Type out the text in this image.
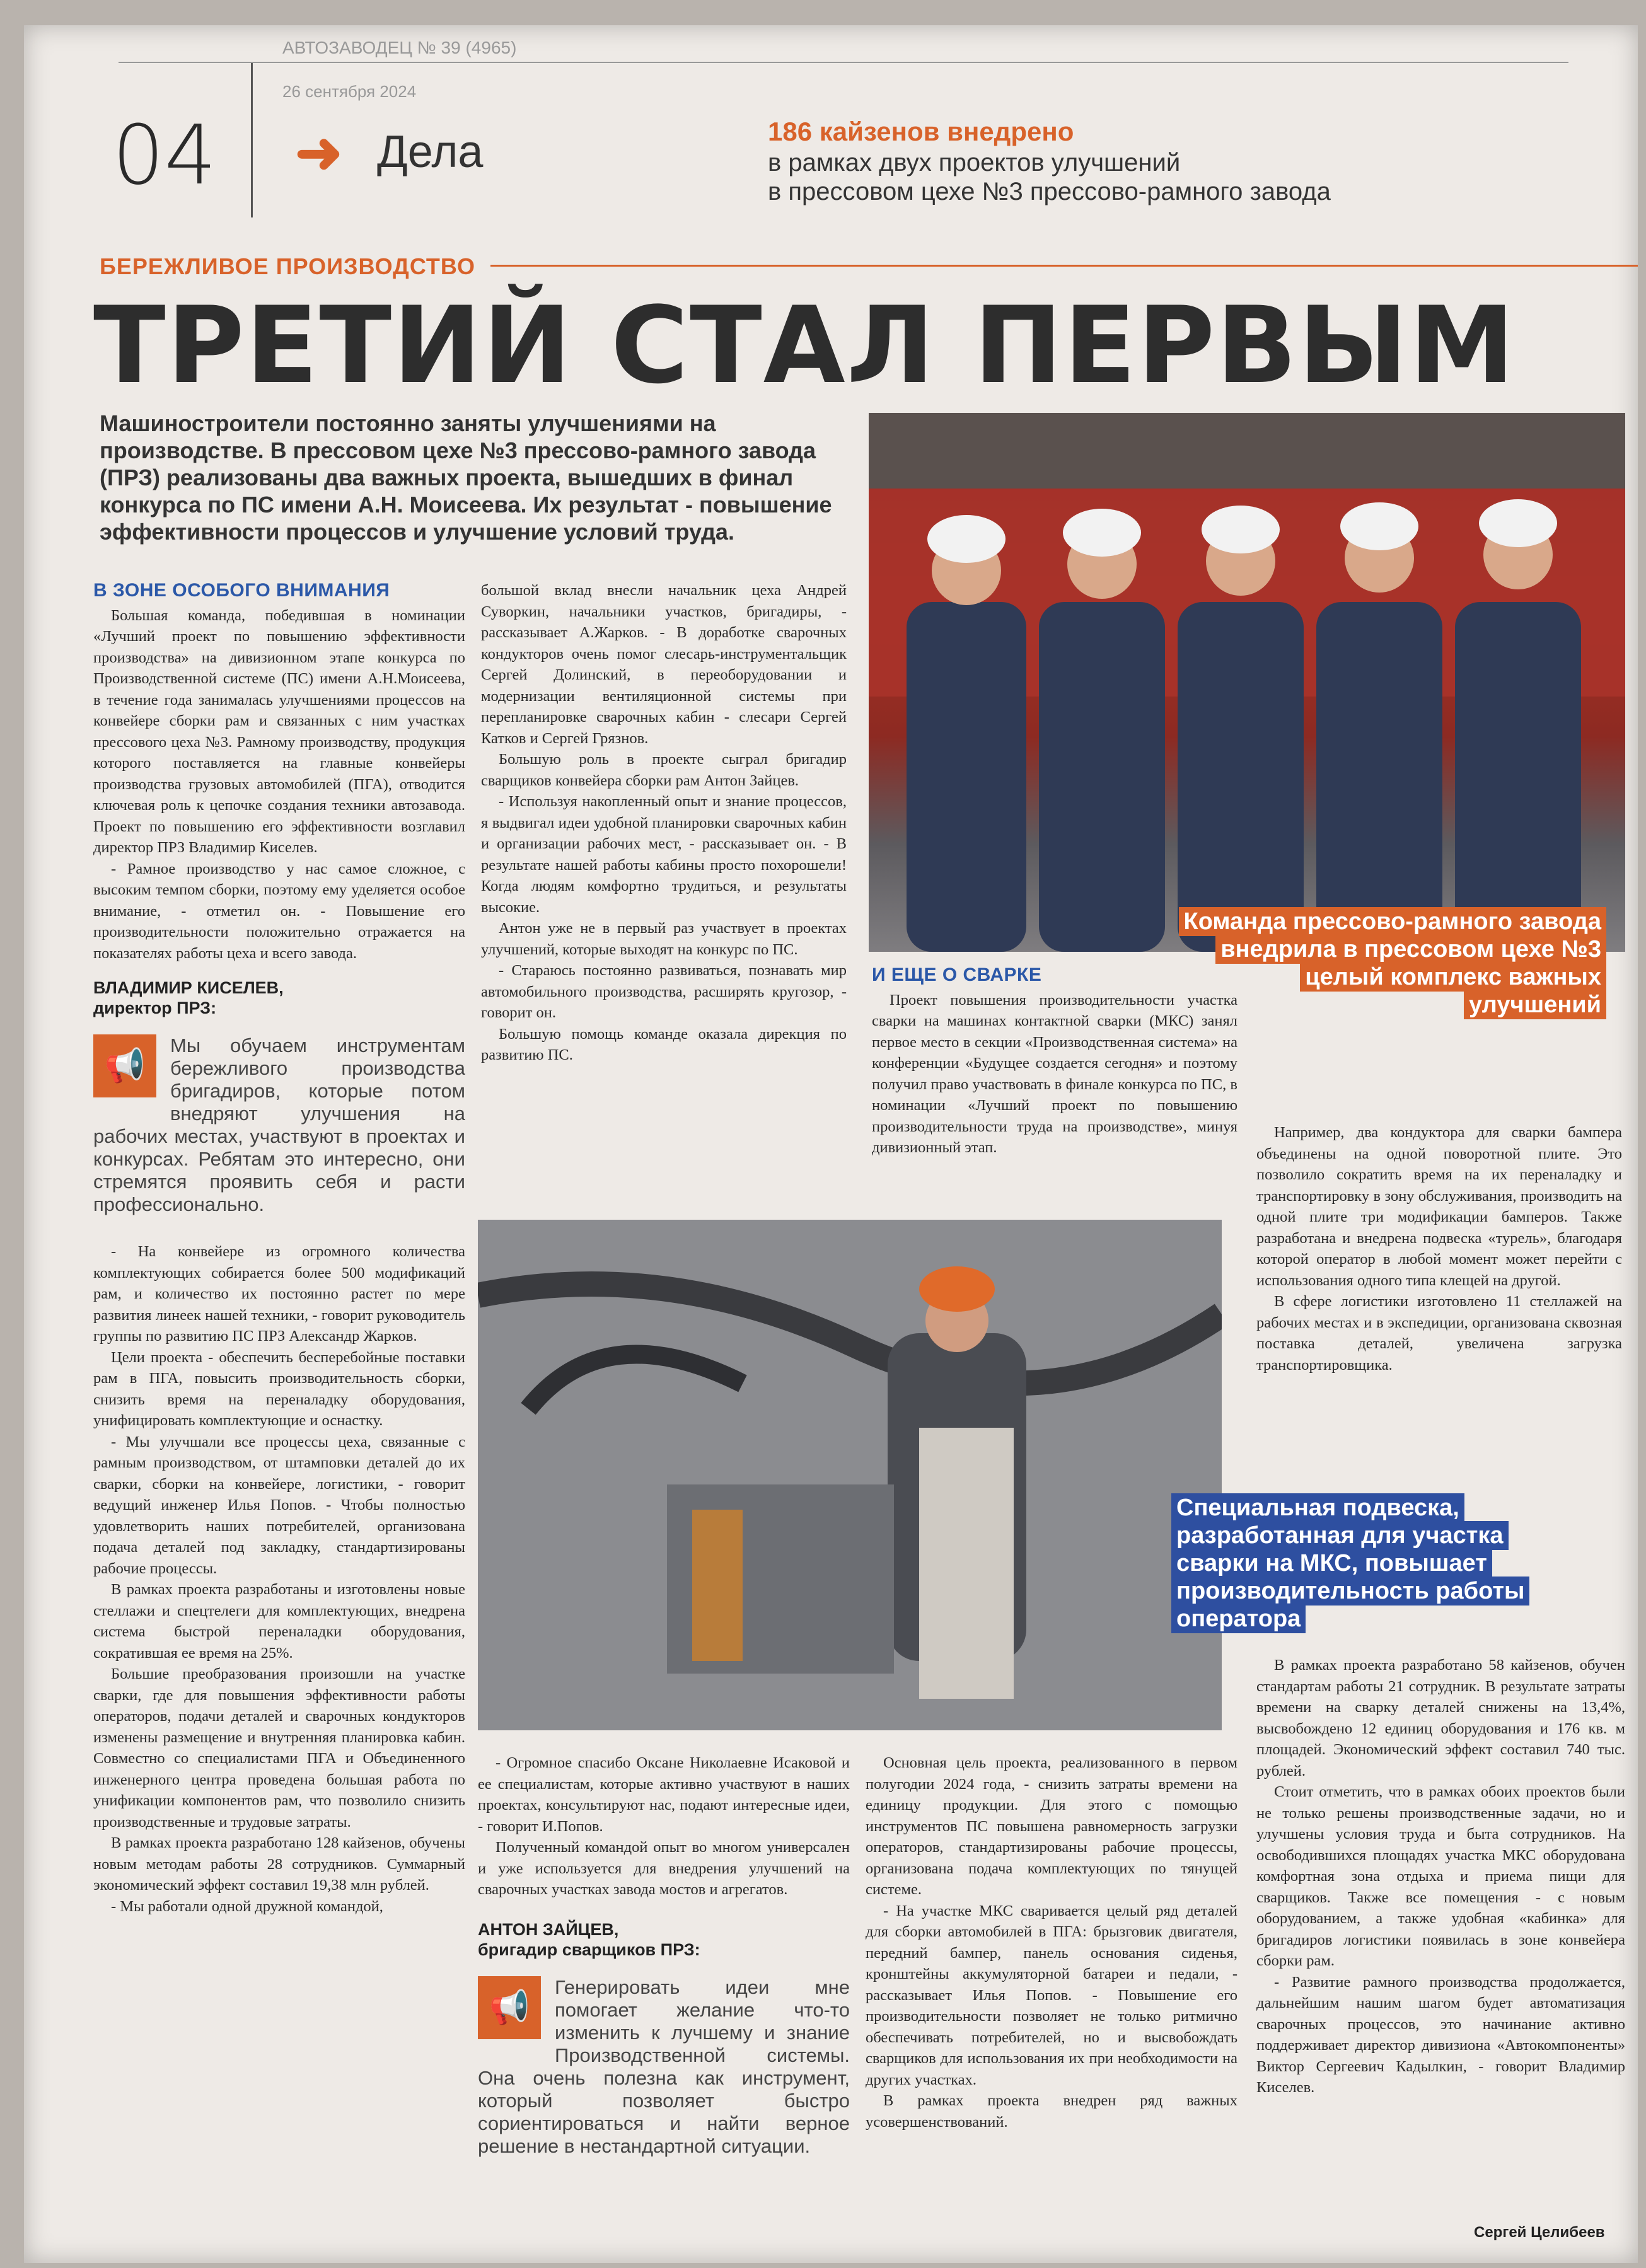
АВТОЗАВОДЕЦ № 39 (4965)
26 сентября 2024
04 ➜ Дела	186 кайзенов внедрено
в рамках двух проектов улучшений
в прессовом цехе №3 прессово-рамного завода
БЕРЕЖЛИВОЕ ПРОИЗВОДСТВО
ТРЕТИЙ СТАЛ ПЕРВЫМ
Машиностроители постоянно заняты улучшениями на производстве. В прессовом цехе №3 прессово-рамного завода (ПРЗ) реализованы два важных проекта, вышедших в финал конкурса по ПС имени А.Н. Моисеева. Их результат - повышение эффективности процессов и улучшение условий труда.
В ЗОНЕ ОСОБОГО ВНИМАНИЯ

Большая команда, победившая в номинации «Лучший проект по повышению эффективности производства» на дивизионном этапе конкурса по Производственной системе (ПС) имени А.Н.Моисеева, в течение года занималась улучшениями процессов на конвейере сборки рам и связанных с ним участках прессового цеха №3. Рамному производству, продукция которого поставляется на главные конвейеры производства грузовых автомобилей (ПГА), отводится ключевая роль к цепочке создания техники автозавода. Проект по повышению его эффективности возглавил директор ПРЗ Владимир Киселев.

- Рамное производство у нас самое сложное, с высоким темпом сборки, поэтому ему уделяется особое внимание, - отметил он. - Повышение его производительности положительно отражается на показателях работы цеха и всего завода.

ВЛАДИМИР КИСЕЛЕВ,
директор ПРЗ:
📢
Мы обучаем инструментам бережливого производства бригадиров, которые потом внедряют улучшения на рабочих местах, участвуют в проектах и конкурсах. Ребятам это интересно, они стремятся проявить себя и расти профессионально.

- На конвейере из огромного количества комплектующих собирается более 500 модификаций рам, и количество их постоянно растет по мере развития линеек нашей техники, - говорит руководитель группы по развитию ПС ПРЗ Александр Жарков.

Цели проекта - обеспечить бесперебойные поставки рам в ПГА, повысить производительность сборки, снизить время на переналадку оборудования, унифицировать комплектующие и оснастку.

- Мы улучшали все процессы цеха, связанные с рамным производством, от штамповки деталей до их сварки, сборки на конвейере, логистики, - говорит ведущий инженер Илья Попов. - Чтобы полностью удовлетворить наших потребителей, организована подача деталей под закладку, стандартизированы рабочие процессы.

В рамках проекта разработаны и изготовлены новые стеллажи и спецтелеги для комплектующих, внедрена система быстрой переналадки оборудования, сократившая ее время на 25%.

Большие преобразования произошли на участке сварки, где для повышения эффективности работы операторов, подачи деталей и сварочных кондукторов изменены размещение и внутренняя планировка кабин. Совместно со специалистами ПГА и Объединенного инженерного центра проведена большая работа по унификации компонентов рам, что позволило снизить производственные и трудовые затраты.

В рамках проекта разработано 128 кайзенов, обучены новым методам работы 28 сотрудников. Суммарный экономический эффект составил 19,38 млн рублей.

- Мы работали одной дружной командой,

большой вклад внесли начальник цеха Андрей Суворкин, начальники участков, бригадиры, - рассказывает А.Жарков. - В доработке сварочных кондукторов очень помог слесарь-инструментальщик Сергей Долинский, в переоборудовании и модернизации вентиляционной системы при перепланировке сварочных кабин - слесари Сергей Катков и Сергей Грязнов.

Большую роль в проекте сыграл бригадир сварщиков конвейера сборки рам Антон Зайцев.

- Используя накопленный опыт и знание процессов, я выдвигал идеи удобной планировки сварочных кабин и организации рабочих мест, - рассказывает он. - В результате нашей работы кабины просто похорошели! Когда людям комфортно трудиться, и результаты высокие.

Антон уже не в первый раз участвует в проектах улучшений, которые выходят на конкурс по ПС.

- Стараюсь постоянно развиваться, познавать мир автомобильного производства, расширять кругозор, - говорит он.

Большую помощь команде оказала дирекция по развитию ПС.

Команда прессово-рамного завода внедрила в прессовом цехе №3 целый комплекс важных улучшений
И ЕЩЕ О СВАРКЕ

Проект повышения производительности участка сварки на машинах контактной сварки (МКС) занял первое место в секции «Производственная система» на конференции «Будущее создается сегодня» и поэтому получил право участвовать в финале конкурса по ПС, в номинации «Лучший проект по повышению производительности труда на производстве», минуя дивизионный этап.

Например, два кондуктора для сварки бампера объединены на одной поворотной плите. Это позволило сократить время на их переналадку и транспортировку в зону обслуживания, производить на одной плите три модификации бамперов. Также разработана и внедрена подвеска «турель», благодаря которой оператор в любой момент может перейти с использования одного типа клещей на другой.

В сфере логистики изготовлено 11 стеллажей на рабочих местах и в экспедиции, организована сквозная поставка деталей, увеличена загрузка транспортировщика.

Специальная подвеска, разработанная для участка сварки на МКС, повышает производительность работы оператора

- Огромное спасибо Оксане Николаевне Исаковой и ее специалистам, которые активно участвуют в наших проектах, консультируют нас, подают интересные идеи, - говорит И.Попов.

Полученный командой опыт во многом универсален и уже используется для внедрения улучшений на сварочных участках завода мостов и агрегатов.

АНТОН ЗАЙЦЕВ,
бригадир сварщиков ПРЗ:
📢
Генерировать идеи мне помогает желание что-то изменить к лучшему и знание Производственной системы. Она очень полезна как инструмент, который позволяет быстро сориентироваться и найти верное решение в нестандартной ситуации.

Основная цель проекта, реализованного в первом полугодии 2024 года, - снизить затраты времени на единицу продукции. Для этого с помощью инструментов ПС повышена равномерность загрузки операторов, стандартизированы рабочие процессы, организована подача комплектующих по тянущей системе.

- На участке МКС сваривается целый ряд деталей для сборки автомобилей в ПГА: брызговик двигателя, передний бампер, панель основания сиденья, кронштейны аккумуляторной батареи и педали, - рассказывает Илья Попов. - Повышение его производительности позволяет не только ритмично обеспечивать потребителей, но и высвобождать сварщиков для использования их при необходимости на других участках.

В рамках проекта внедрен ряд важных усовершенствований.

В рамках проекта разработано 58 кайзенов, обучен стандартам работы 21 сотрудник. В результате затраты времени на сварку деталей снижены на 13,4%, высвобождено 12 единиц оборудования и 176 кв. м площадей. Экономический эффект составил 740 тыс. рублей.

Стоит отметить, что в рамках обоих проектов были не только решены производственные задачи, но и улучшены условия труда и быта сотрудников. На освободившихся площадях участка МКС оборудована комфортная зона отдыха и приема пищи для сварщиков. Также все помещения - с новым оборудованием, а также удобная «кабинка» для бригадиров логистики появилась в зоне конвейера сборки рам.

- Развитие рамного производства продолжается, дальнейшим нашим шагом будет автоматизация сварочных процессов, это начинание активно поддерживает директор дивизиона «Автокомпоненты» Виктор Сергеевич Кадылкин, - говорит Владимир Киселев.

Сергей Целибеев
